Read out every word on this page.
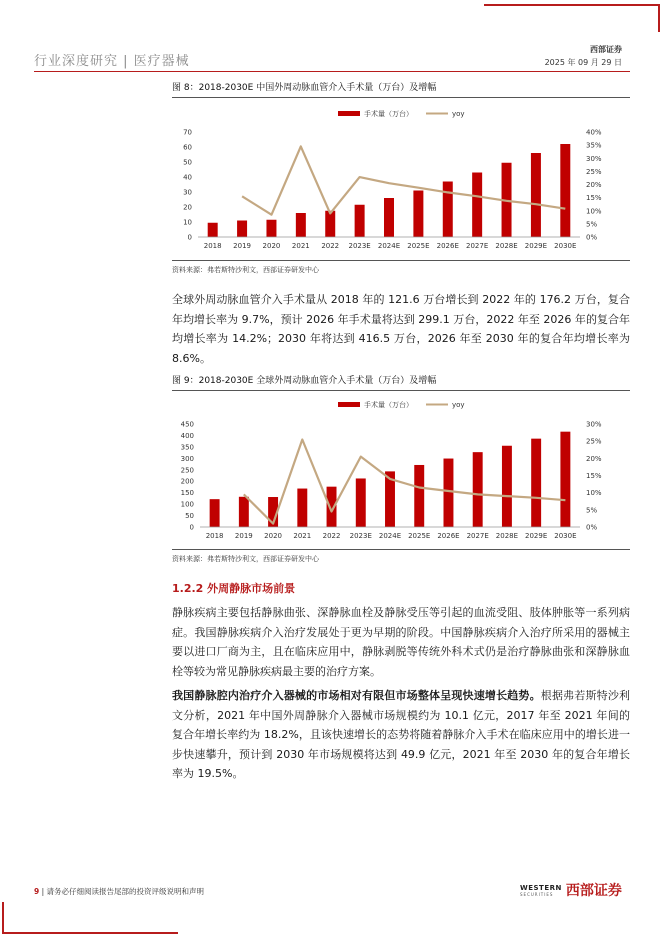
行业深度研究 | 医疗器械
西部证券
2025 年 09 月 29 日
图 8：2018-2030E 中国外周动脉血管介入手术量（万台）及增幅
手术量（万台）	yoy
0
10
20
30
40
50
60
70
0%
5%
10%
15%
20%
25%
30%
35%
40%
2018 2019 2020 2021 2022 2023E 2024E 2025E 2026E 2027E 2028E 2029E 2030E
资料来源：弗若斯特沙利文，西部证券研发中心
全球外周动脉血管介入手术量从 2018 年的 121.6 万台增长到 2022 年的 176.2 万台，复合年均增长率为 9.7%，预计 2026 年手术量将达到 299.1 万台，2022 年至 2026 年的复合年均增长率为 14.2%；2030 年将达到 416.5 万台，2026 年至 2030 年的复合年均增长率为 8.6%。
图 9：2018-2030E 全球外周动脉血管介入手术量（万台）及增幅
手术量（万台）	yoy
0
50
100
150
200
250
300
350
400
450
0%
5%
10%
15%
20%
25%
30%
2018 2019 2020 2021 2022 2023E 2024E 2025E 2026E 2027E 2028E 2029E 2030E
资料来源：弗若斯特沙利文，西部证券研发中心
1.2.2 外周静脉市场前景
静脉疾病主要包括静脉曲张、深静脉血栓及静脉受压等引起的血流受阻、肢体肿胀等一系列病症。我国静脉疾病介入治疗发展处于更为早期的阶段。中国静脉疾病介入治疗所采用的器械主要以进口厂商为主，且在临床应用中，静脉剥脱等传统外科术式仍是治疗静脉曲张和深静脉血栓等较为常见静脉疾病最主要的治疗方案。
我国静脉腔内治疗介入器械的市场相对有限但市场整体呈现快速增长趋势。根据弗若斯特沙利文分析，2021 年中国外周静脉介入器械市场规模约为 10.1 亿元，2017 年至 2021 年间的复合年增长率约为 18.2%，且该快速增长的态势将随着静脉介入手术在临床应用中的增长进一步快速攀升，预计到 2030 年市场规模将达到 49.9 亿元，2021 年至 2030 年的复合年增长率为 19.5%。
9 | 请务必仔细阅读报告尾部的投资评级说明和声明	WESTERN
SECURITIES 西部证券
